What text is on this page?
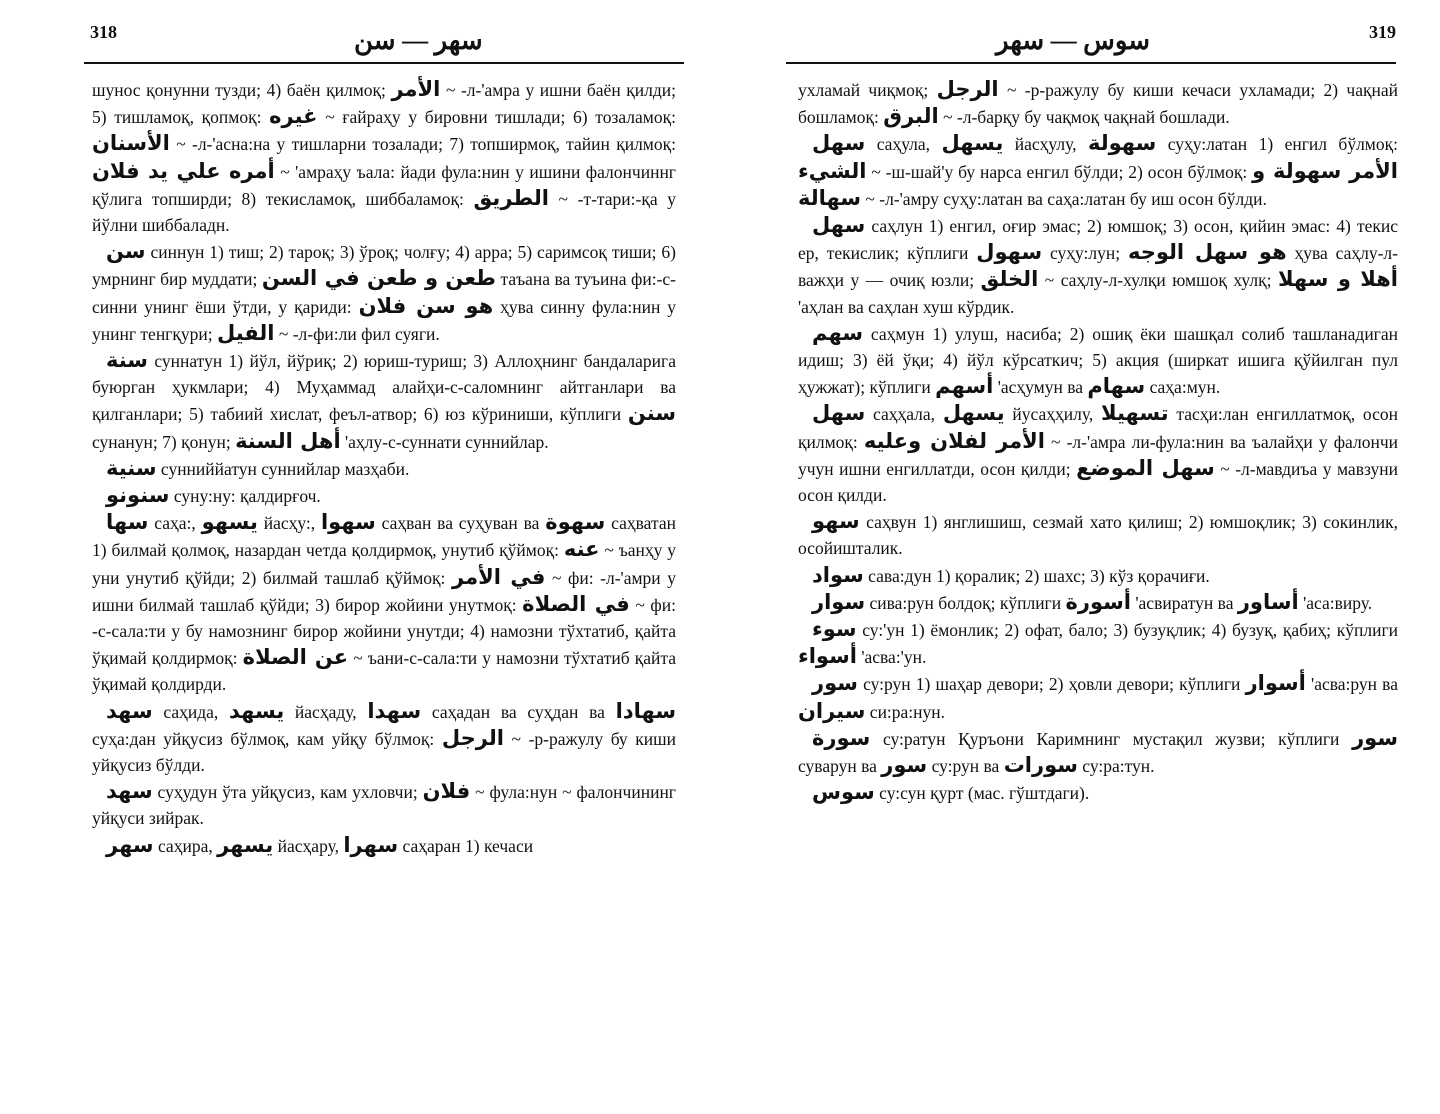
318	سهر — سن

шунос қонунни тузди; 4) баён қилмоқ; الأمر ~ -л-'амра у ишни баён қилди; 5) тишламоқ, қопмоқ: غيره ~ ғайраҳу у бировни тишлади; 6) тозаламоқ: الأسنان ~ -л-'асна:на у тишларни тозалади; 7) топширмоқ, тайин қилмоқ: أمره علي يد فلان ~ 'амраҳу ъала: йади фула:нин у ишини фалончиннг қўлига топширди; 8) текисламоқ, шиббаламоқ: الطريق ~ -т-тари:-қа у йўлни шиббаладн.

سن синнун 1) тиш; 2) тароқ; 3) ўроқ; чолғу; 4) арра; 5) саримсоқ тиши; 6) умрнинг бир муддати; طعن و طعن في السن таъана ва туъина фи:-с-синни унинг ёши ўтди, у қариди: هو سن فلان ҳува синну фула:нин у унинг тенгқури; الفيل ~ -л-фи:ли фил суяги.

سنة суннатун 1) йўл, йўриқ; 2) юриш-туриш; 3) Аллоҳнинг бандаларига буюрган ҳукмлари; 4) Муҳаммад алайҳи-с-саломнинг айтганлари ва қилганлари; 5) табиий хислат, феъл-атвор; 6) юз кўриниши, кўплиги سنن сунанун; 7) қонун; أهل السنة 'аҳлу-с-суннати суннийлар.

سنية сунниййатун суннийлар мазҳаби.

سنونو суну:ну: қалдирғоч.

سها саҳа:, يسهو йасҳу:, سهوا саҳван ва суҳуван ва سهوة саҳватан 1) билмай қолмоқ, назардан четда қолдирмоқ, унутиб қўймоқ: عنه ~ ъанҳу у уни унутиб қўйди; 2) билмай ташлаб қўймоқ: في الأمر ~ фи: -л-'амри у ишни билмай ташлаб қўйди; 3) бирор жойини унутмоқ: في الصلاة ~ фи: -с-сала:ти у бу намознинг бирор жойини унутди; 4) намозни тўхтатиб, қайта ўқимай қолдирмоқ: عن الصلاة ~ ъани-с-сала:ти у намозни тўхтатиб қайта ўқимай қолдирди.

سهد саҳида, يسهد йасҳаду, سهدا саҳадан ва суҳдан ва سهادا суҳа:дан уйқусиз бўлмоқ, кам уйқу бўлмоқ: الرجل ~ -р-ражулу бу киши уйқусиз бўлди.

سهد суҳудун ўта уйқусиз, кам ухловчи; فلان ~ фула:нун ~ фалончининг уйқуси зийрак.

سهر саҳира, يسهر йасҳару, سهرا саҳаран 1) кечаси

سوس — سهر	319

ухламай чиқмоқ; الرجل ~ -р-ражулу бу киши кечаси ухламади; 2) чақнай бошламоқ: البرق ~ -л-барқу бу чақмоқ чақнай бошлади.

سهل саҳула, يسهل йасҳулу, سهولة суҳу:латан 1) енгил бўлмоқ: الشيء ~ -ш-шай'у бу нарса енгил бўлди; 2) осон бўлмоқ: الأمر سهولة و سهالة ~ -л-'амру суҳу:латан ва саҳа:латан бу иш осон бўлди.

سهل саҳлун 1) енгил, оғир эмас; 2) юмшоқ; 3) осон, қийин эмас: 4) текис ер, текислик; кўплиги سهول суҳу:лун; هو سهل الوجه ҳува саҳлу-л-важҳи у — очиқ юзли; الخلق ~ саҳлу-л-хулқи юмшоқ хулқ; أهلا و سهلا 'аҳлан ва саҳлан хуш кўрдик.

سهم саҳмун 1) улуш, насиба; 2) ошиқ ёки шашқал солиб ташланадиган идиш; 3) ёй ўқи; 4) йўл кўрсаткич; 5) акция (ширкат ишига қўйилган пул ҳужжат); кўплиги أسهم 'асҳумун ва سهام саҳа:мун.

سهل саҳҳала, يسهل йусаҳҳилу, تسهيلا тасҳи:лан енгиллатмоқ, осон қилмоқ: الأمر لفلان وعليه ~ -л-'амра ли-фула:нин ва ъалайҳи у фалончи учун ишни енгиллатди, осон қилди; سهل الموضع ~ -л-мавдиъа у мавзуни осон қилди.

سهو саҳвун 1) янглишиш, сезмай хато қилиш; 2) юмшоқлик; 3) сокинлик, осойишталик.

سواد сава:дун 1) қоралик; 2) шахс; 3) кўз қорачиғи.

سوار сива:рун болдоқ; кўплиги أسورة 'асвиратун ва أساور 'аса:виру.

سوء су:'ун 1) ёмонлик; 2) офат, бало; 3) бузуқлик; 4) бузуқ, қабиҳ; кўплиги أسواء 'асва:'ун.

سور су:рун 1) шаҳар девори; 2) ҳовли девори; кўплиги أسوار 'асва:рун ва سيران си:ра:нун.

سورة су:ратун Қуръони Каримнинг мустақил жузви; кўплиги سور суварун ва سور су:рун ва سورات су:ра:тун.

سوس су:сун қурт (мас. гўштдаги).
